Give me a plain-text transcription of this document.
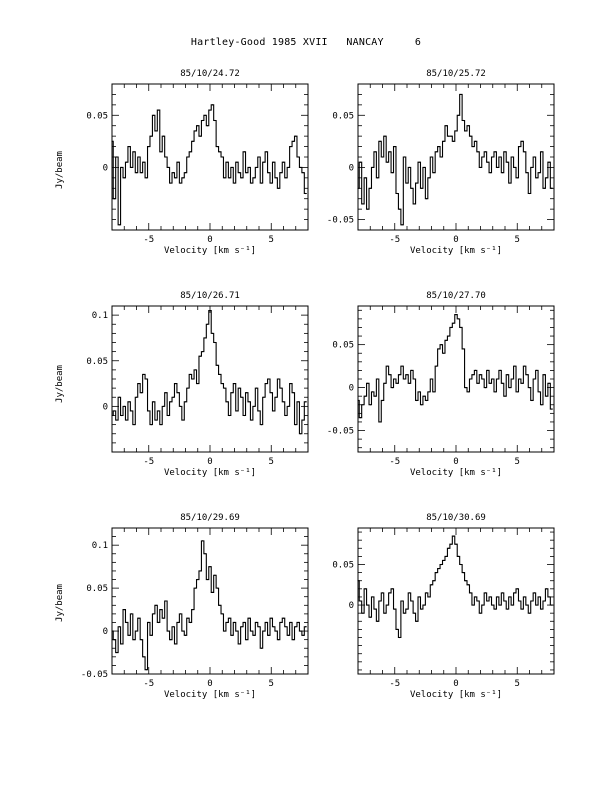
Hartley-Good 1985 XVII   NANCAY     6
85/10/24.72
-5	0	5
0
0.05
Velocity [km s⁻¹]
Jy/beam
85/10/25.72
-5	0	5
-0.05
0
0.05
Velocity [km s⁻¹]
85/10/26.71
-5	0	5
0
0.05
0.1
Velocity [km s⁻¹]
Jy/beam
85/10/27.70
-5	0	5
-0.05
0
0.05
Velocity [km s⁻¹]
85/10/29.69
-5	0	5
-0.05
0
0.05
0.1
Velocity [km s⁻¹]
Jy/beam
85/10/30.69
-5	0	5
0
0.05
Velocity [km s⁻¹]
